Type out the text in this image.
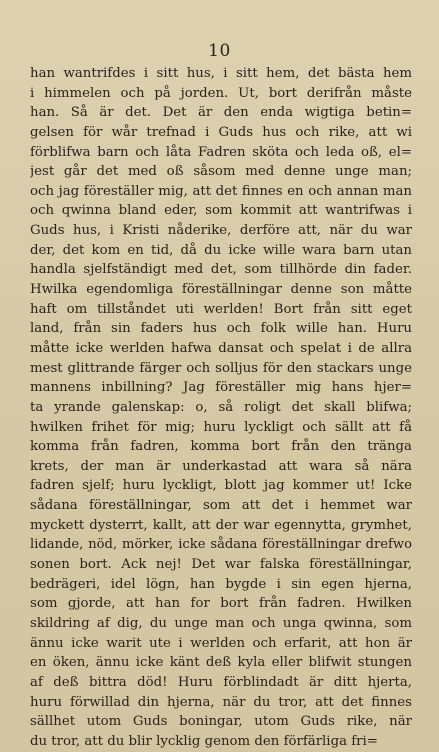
10
han wantrifdes i sitt hus, i sitt hem, det bästa hem
i himmelen och på jorden. Ut, bort derifrån måste
han. Så är det. Det är den enda wigtiga betin=
gelsen för wår trefnad i Guds hus och rike, att wi
förblifwa barn och låta Fadren sköta och leda oß, el=
jest går det med oß såsom med denne unge man;
och jag föreställer mig, att det finnes en och annan man
och qwinna bland eder, som kommit att wantrifwas i
Guds hus, i Kristi nåderike, derföre att, när du war
der, det kom en tid, då du icke wille wara barn utan
handla sjelfständigt med det, som tillhörde din fader.
Hwilka egendomliga föreställningar denne son måtte
haft om tillståndet uti werlden! Bort från sitt eget
land, från sin faders hus och folk wille han. Huru
måtte icke werlden hafwa dansat och spelat i de allra
mest glittrande färger och solljus för den stackars unge
mannens inbillning? Jag föreställer mig hans hjer=
ta yrande galenskap: o, så roligt det skall blifwa;
hwilken frihet för mig; huru lyckligt och sällt att få
komma från fadren, komma bort från den tränga
krets, der man är underkastad att wara så nära
fadren sjelf; huru lyckligt, blott jag kommer ut! Icke
sådana föreställningar, som att det i hemmet war
myckett dysterrt, kallt, att der war egennytta, grymhet,
lidande, nöd, mörker, icke sådana föreställningar drefwo
sonen bort. Ack nej! Det war falska föreställningar,
bedrägeri, idel lögn, han bygde i sin egen hjerna,
som gjorde, att han for bort från fadren. Hwilken
skildring af dig, du unge man och unga qwinna, som
ännu icke warit ute i werlden och erfarit, att hon är
en öken, ännu icke känt deß kyla eller blifwit stungen
af deß bittra död! Huru förblindadt är ditt hjerta,
huru förwillad din hjerna, när du tror, att det finnes
sällhet utom Guds boningar, utom Guds rike, när
du tror, att du blir lycklig genom den förfärliga fri=
